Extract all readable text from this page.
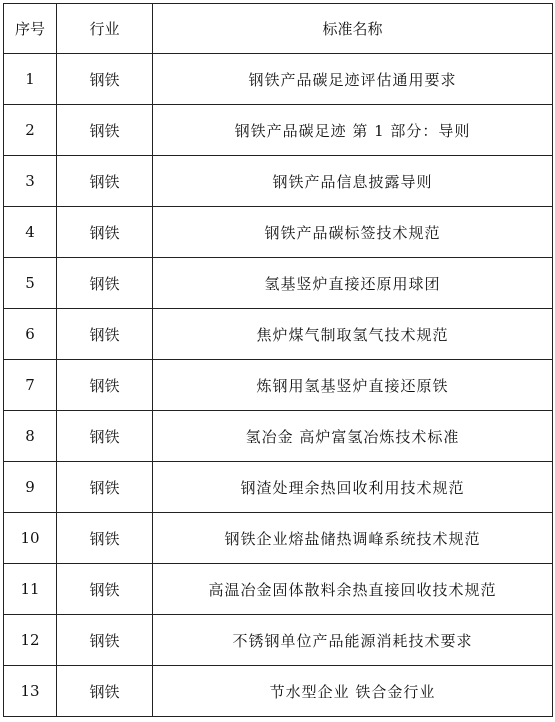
序号	行业	标准名称
1	钢铁	钢铁产品碳足迹评估通用要求
2	钢铁	钢铁产品碳足迹 第 1 部分：导则
3	钢铁	钢铁产品信息披露导则
4	钢铁	钢铁产品碳标签技术规范
5	钢铁	氢基竖炉直接还原用球团
6	钢铁	焦炉煤气制取氢气技术规范
7	钢铁	炼钢用氢基竖炉直接还原铁
8	钢铁	氢冶金 高炉富氢冶炼技术标准
9	钢铁	钢渣处理余热回收利用技术规范
10	钢铁	钢铁企业熔盐储热调峰系统技术规范
11	钢铁	高温冶金固体散料余热直接回收技术规范
12	钢铁	不锈钢单位产品能源消耗技术要求
13	钢铁	节水型企业 铁合金行业
